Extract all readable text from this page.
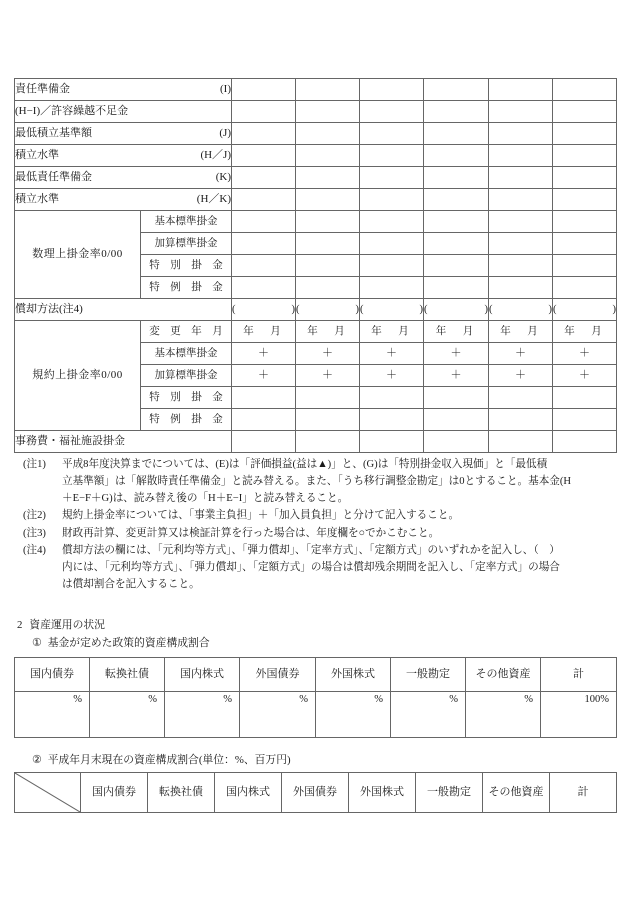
責任準備金 (I)							

(H−I)／許容繰越不足金	

最低積立基準額 (J)							

積立水準 (H／J)							

最低責任準備金 (K)							

積立水準 (H／K)							

数理上掛金率0/00	基本標準掛金						
	加算標準掛金						
	特　別　掛　金						
	特　例　掛　金						
償却方法(注4)		( )	( )	( )	( )	( )	( )

規約上掛金率0/00	変　更　年　月	年　月	年　月	年　月	年　月	年　月	年　月
	基本標準掛金	＋	＋	＋	＋	＋	＋
	加算標準掛金	＋	＋	＋	＋	＋	＋
	特　別　掛　金						
	特　例　掛　金						
事務費・福祉施設掛金							
(注1)	平成8年度決算までについては、(E)は「評価損益(益は▲)」と、(G)は「特別掛金収入現価」と「最低積

立基準額」は「解散時責任準備金」と読み替える。また、「うち移行調整金勘定」は0とすること。基本金(H

＋E−F＋G)は、読み替え後の「H＋E−I」と読み替えること。

(注2)	規約上掛金率については、「事業主負担」＋「加入員負担」と分けて記入すること。

(注3)	財政再計算、変更計算又は検証計算を行った場合は、年度欄を○でかこむこと。

(注4)	償却方法の欄には、「元利均等方式」、「弾力償却」、「定率方式」、「定額方式」のいずれかを記入し、（　）

内には、「元利均等方式」、「弾力償却」、「定額方式」の場合は償却残余期間を記入し、「定率方式」の場合

は償却割合を記入すること。

2 資産運用の状況
① 基金が定めた政策的資産構成割合
② 平成年月末現在の資産構成割合(単位：%、百万円)
国内債券	転換社債	国内株式	外国債券	外国株式	一般勘定	その他資産	計
%	%	%	%	%	%	%	100%
	国内債券	転換社債	国内株式	外国債券	外国株式	一般勘定	その他資産	計
